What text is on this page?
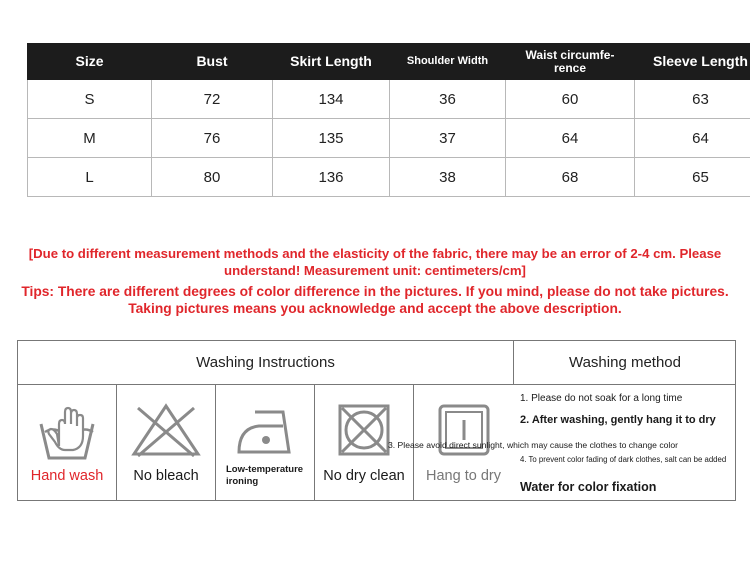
Size	Bust	Skirt Length	Shoulder Width	Waist circumfe-rence	Sleeve Length
S	72	134	36	60	63
M	76	135	37	64	64
L	80	136	38	68	65
[Due to different measurement methods and the elasticity of the fabric, there may be an error of 2-4 cm. Please understand! Measurement unit: centimeters/cm]
Tips: There are different degrees of color difference in the pictures. If you mind, please do not take pictures. Taking pictures means you acknowledge and accept the above description.
Washing Instructions	Washing method
Hand wash	No bleach	Low-temperature ironing	No dry clean	Hang to dry
1. Please do not soak for a long time
2. After washing, gently hang it to dry
3. Please avoid direct sunlight, which may cause the clothes to change color
4. To prevent color fading of dark clothes, salt can be added
Water for color fixation
